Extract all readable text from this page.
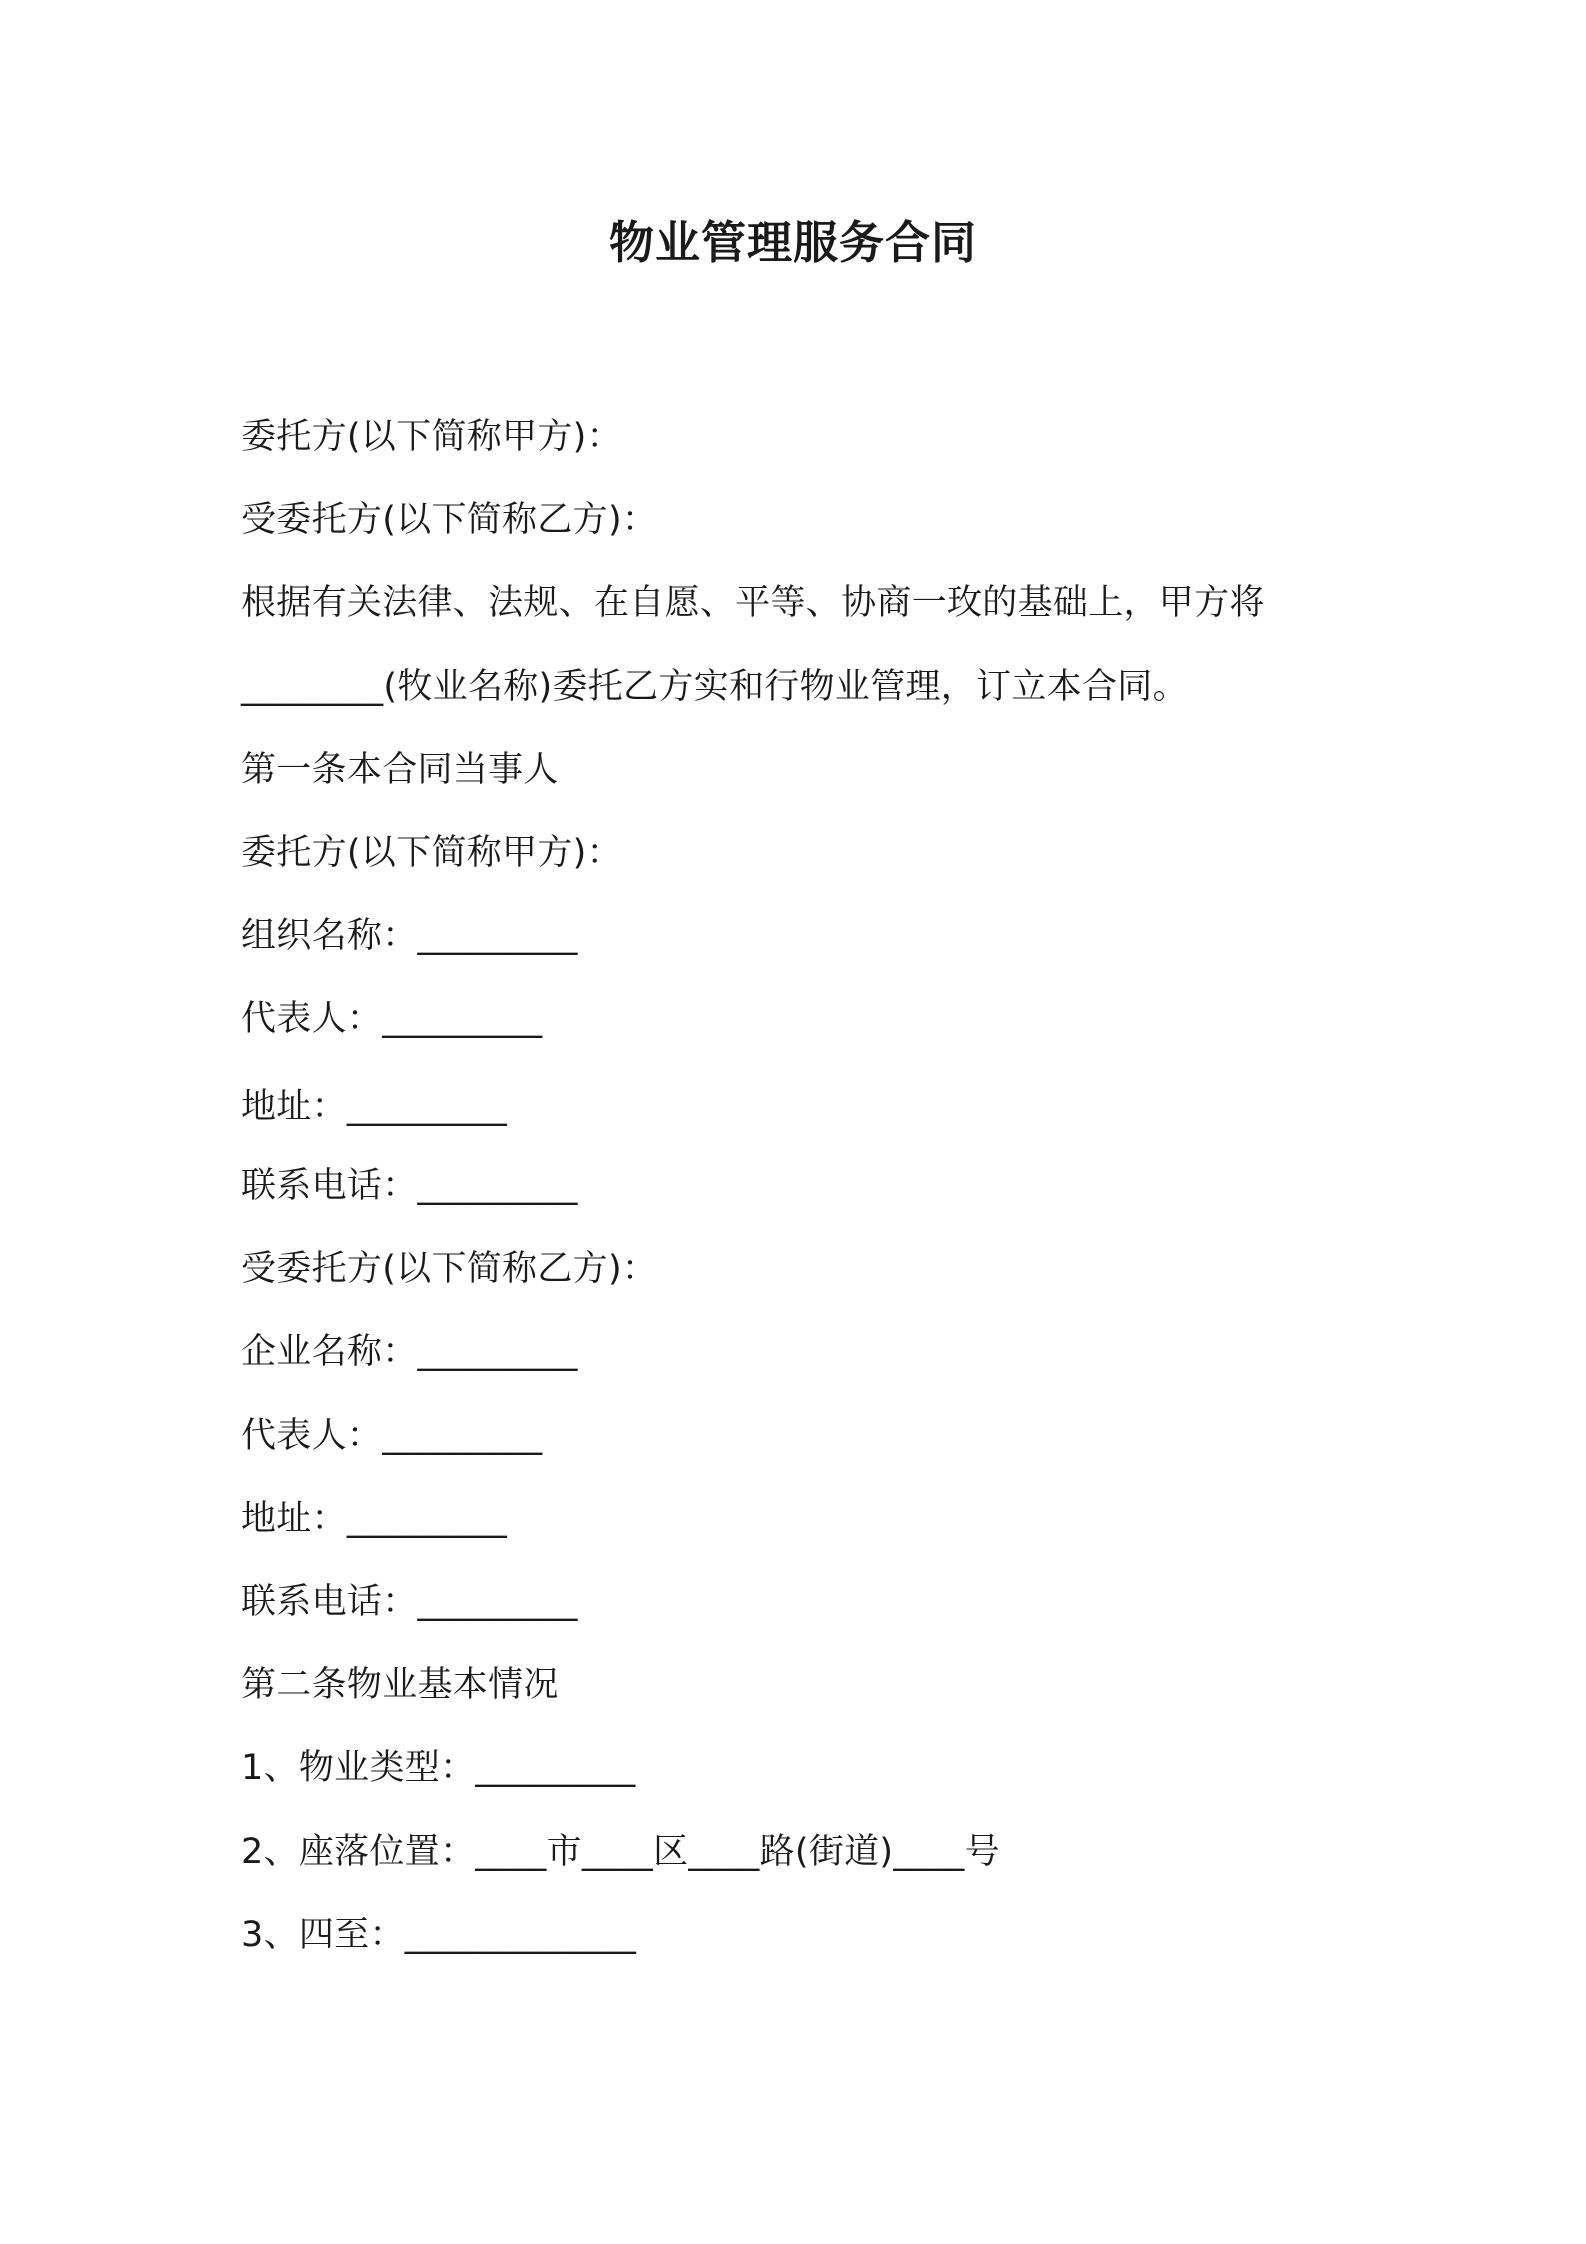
物业管理服务合同
委托方(以下简称甲方)：
受委托方(以下简称乙方)：
根据有关法律、法规、在自愿、平等、协商一玫的基础上，甲方将
________(牧业名称)委托乙方实和行物业管理，订立本合同。
第一条本合同当事人
委托方(以下简称甲方)：
组织名称：_________
代表人：_________
地址：_________
联系电话：_________
受委托方(以下简称乙方)：
企业名称：_________
代表人：_________
地址：_________
联系电话：_________
第二条物业基本情况
1、物业类型：_________
2、座落位置：____市____区____路(街道)____号
3、四至：_____________
